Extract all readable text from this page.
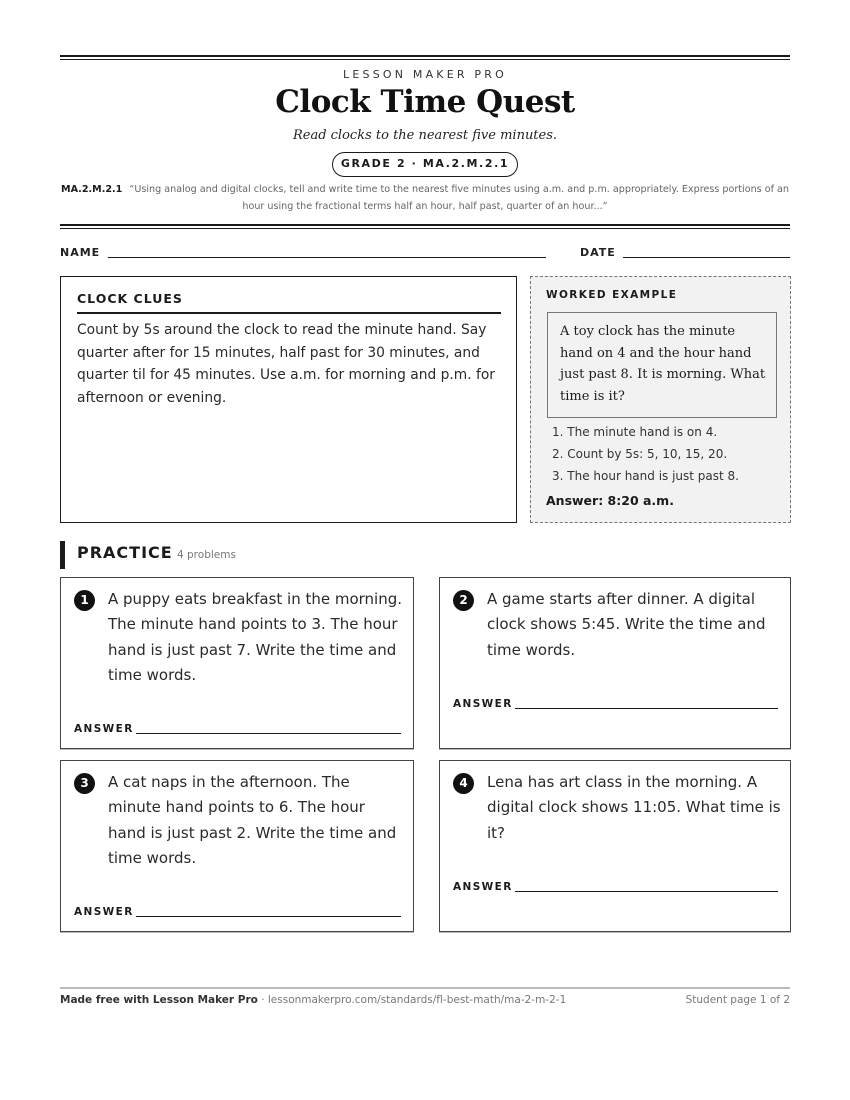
LESSON MAKER PRO
Clock Time Quest
Read clocks to the nearest five minutes.
GRADE 2 · MA.2.M.2.1
MA.2.M.2.1 “Using analog and digital clocks, tell and write time to the nearest five minutes using a.m. and p.m. appropriately. Express portions of an hour using the fractional terms half an hour, half past, quarter of an hour...”
NAME	DATE
CLOCK CLUES
Count by 5s around the clock to read the minute hand. Say quarter after for 15 minutes, half past for 30 minutes, and quarter til for 45 minutes. Use a.m. for morning and p.m. for afternoon or evening.
WORKED EXAMPLE
A toy clock has the minute hand on 4 and the hour hand just past 8. It is morning. What time is it?
1. The minute hand is on 4.
2. Count by 5s: 5, 10, 15, 20.
3. The hour hand is just past 8.
Answer: 8:20 a.m.
PRACTICE 4 problems
1	A puppy eats breakfast in the morning. The minute hand points to 3. The hour hand is just past 7. Write the time and time words.
ANSWER
2	A game starts after dinner. A digital clock shows 5:45. Write the time and time words.
ANSWER
3	A cat naps in the afternoon. The minute hand points to 6. The hour hand is just past 2. Write the time and time words.
ANSWER
4	Lena has art class in the morning. A digital clock shows 11:05. What time is it?
ANSWER
Made free with Lesson Maker Pro · lessonmakerpro.com/standards/fl-best-math/ma-2-m-2-1	Student page 1 of 2
